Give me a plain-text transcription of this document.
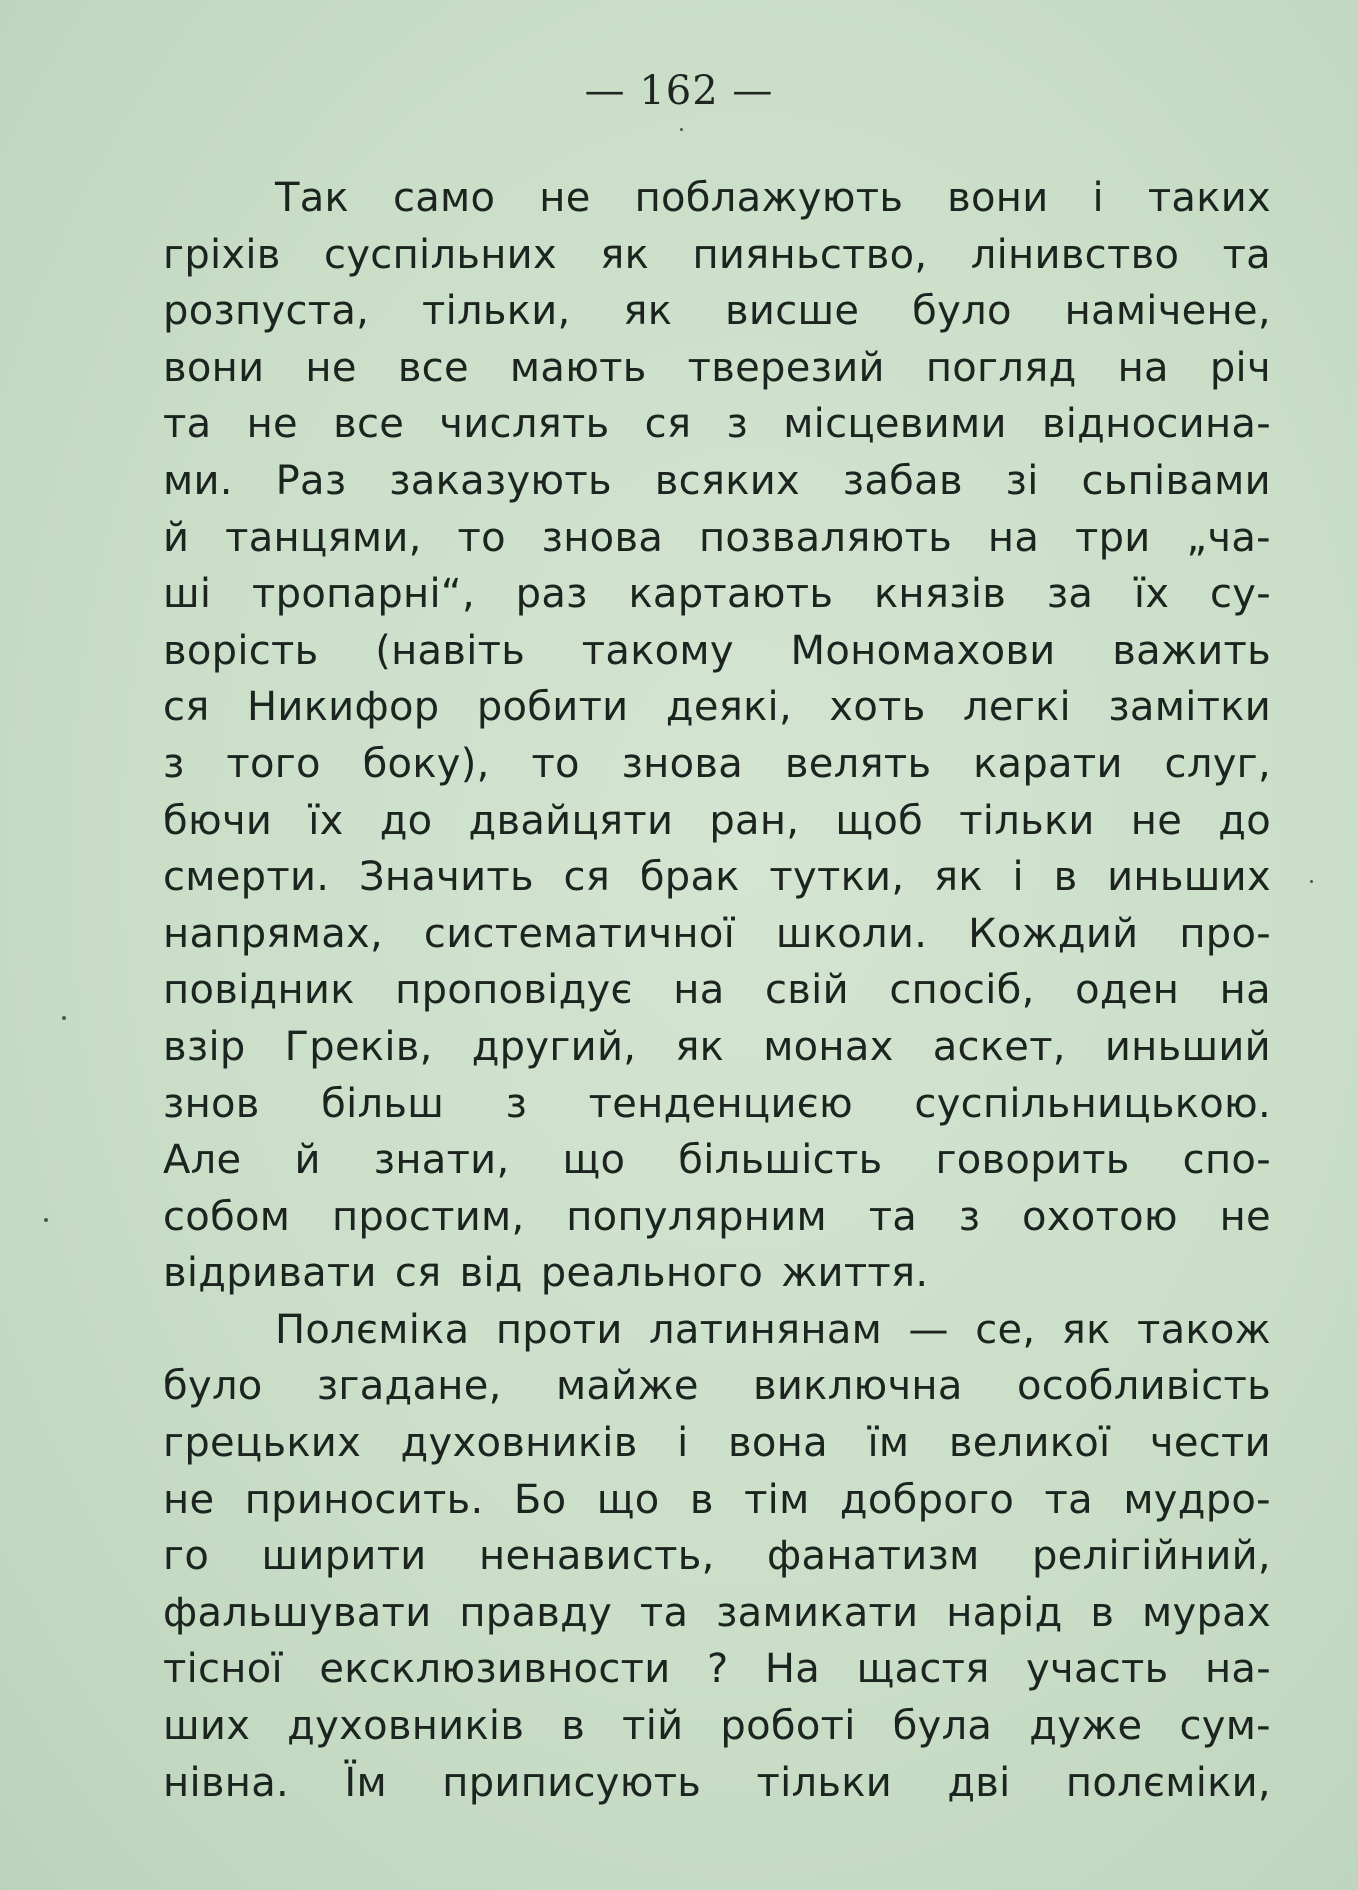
— 162 —
Так само не поблажують вони і таких
гріхів суспільних як пияньство, лінивство та
розпуста, тільки, як висше було намічене,
вони не все мають тверезий погляд на річ
та не все числять ся з місцевими відносина-
ми. Раз заказують всяких забав зі сьпівами
й танцями, то знова позваляють на три „ча-
ші тропарні“, раз картають князів за їх су-
ворість (навіть такому Мономахови важить
ся Никифор робити деякі, хоть легкі замітки
з того боку), то знова велять карати слуг,
бючи їх до двайцяти ран, щоб тільки не до
смерти. Значить ся брак тутки, як і в иньших
напрямах, систематичної школи. Кождий про-
повідник проповідує на свій спосіб, оден на
взір Греків, другий, як монах аскет, иньший
знов більш з тенденциєю суспільницькою.
Але й знати, що більшість говорить спо-
собом простим, популярним та з охотою не
відривати ся від реального життя.
Полєміка проти латинянам — се, як також
було згадане, майже виключна особливість
грецьких духовників і вона їм великої чести
не приносить. Бо що в тім доброго та мудро-
го ширити ненависть, фанатизм релігійний,
фальшувати правду та замикати нарід в мурах
тісної ексклюзивности ? На щастя участь на-
ших духовників в тій роботі була дуже сум-
нівна. Їм приписують тільки дві полєміки,
